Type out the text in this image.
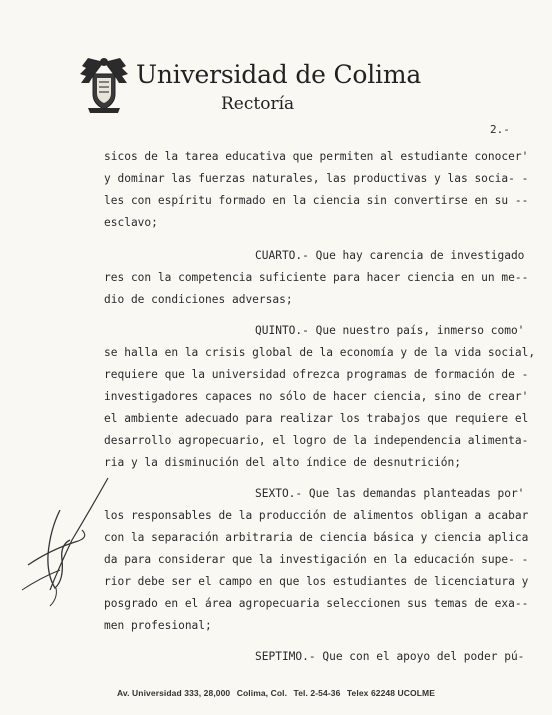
Universidad de Colima
Rectoría
2.-
sicos de la tarea educativa que permiten al estudiante conocer'
y dominar las fuerzas naturales, las productivas y las socia- -
les con espíritu formado en la ciencia sin convertirse en su --
esclavo;
CUARTO.- Que hay carencia de investigado
res con la competencia suficiente para hacer ciencia en un me--
dio de condiciones adversas;
QUINTO.- Que nuestro país, inmerso como'
se halla en la crisis global de la economía y de la vida social,
requiere que la universidad ofrezca programas de formación de -
investigadores capaces no sólo de hacer ciencia, sino de crear'
el ambiente adecuado para realizar los trabajos que requiere el
desarrollo agropecuario, el logro de la independencia alimenta-
ria y la disminución del alto índice de desnutrición;
SEXTO.- Que las demandas planteadas por'
los responsables de la producción de alimentos obligan a acabar
con la separación arbitraria de ciencia básica y ciencia aplica
da para considerar que la investigación en la educación supe- -
rior debe ser el campo en que los estudiantes de licenciatura y
posgrado en el área agropecuaria seleccionen sus temas de exa--
men profesional;
SEPTIMO.- Que con el apoyo del poder pú-
Av. Universidad 333, 28,000 Colima, Col. Tel. 2-54-36 Telex 62248 UCOLME
